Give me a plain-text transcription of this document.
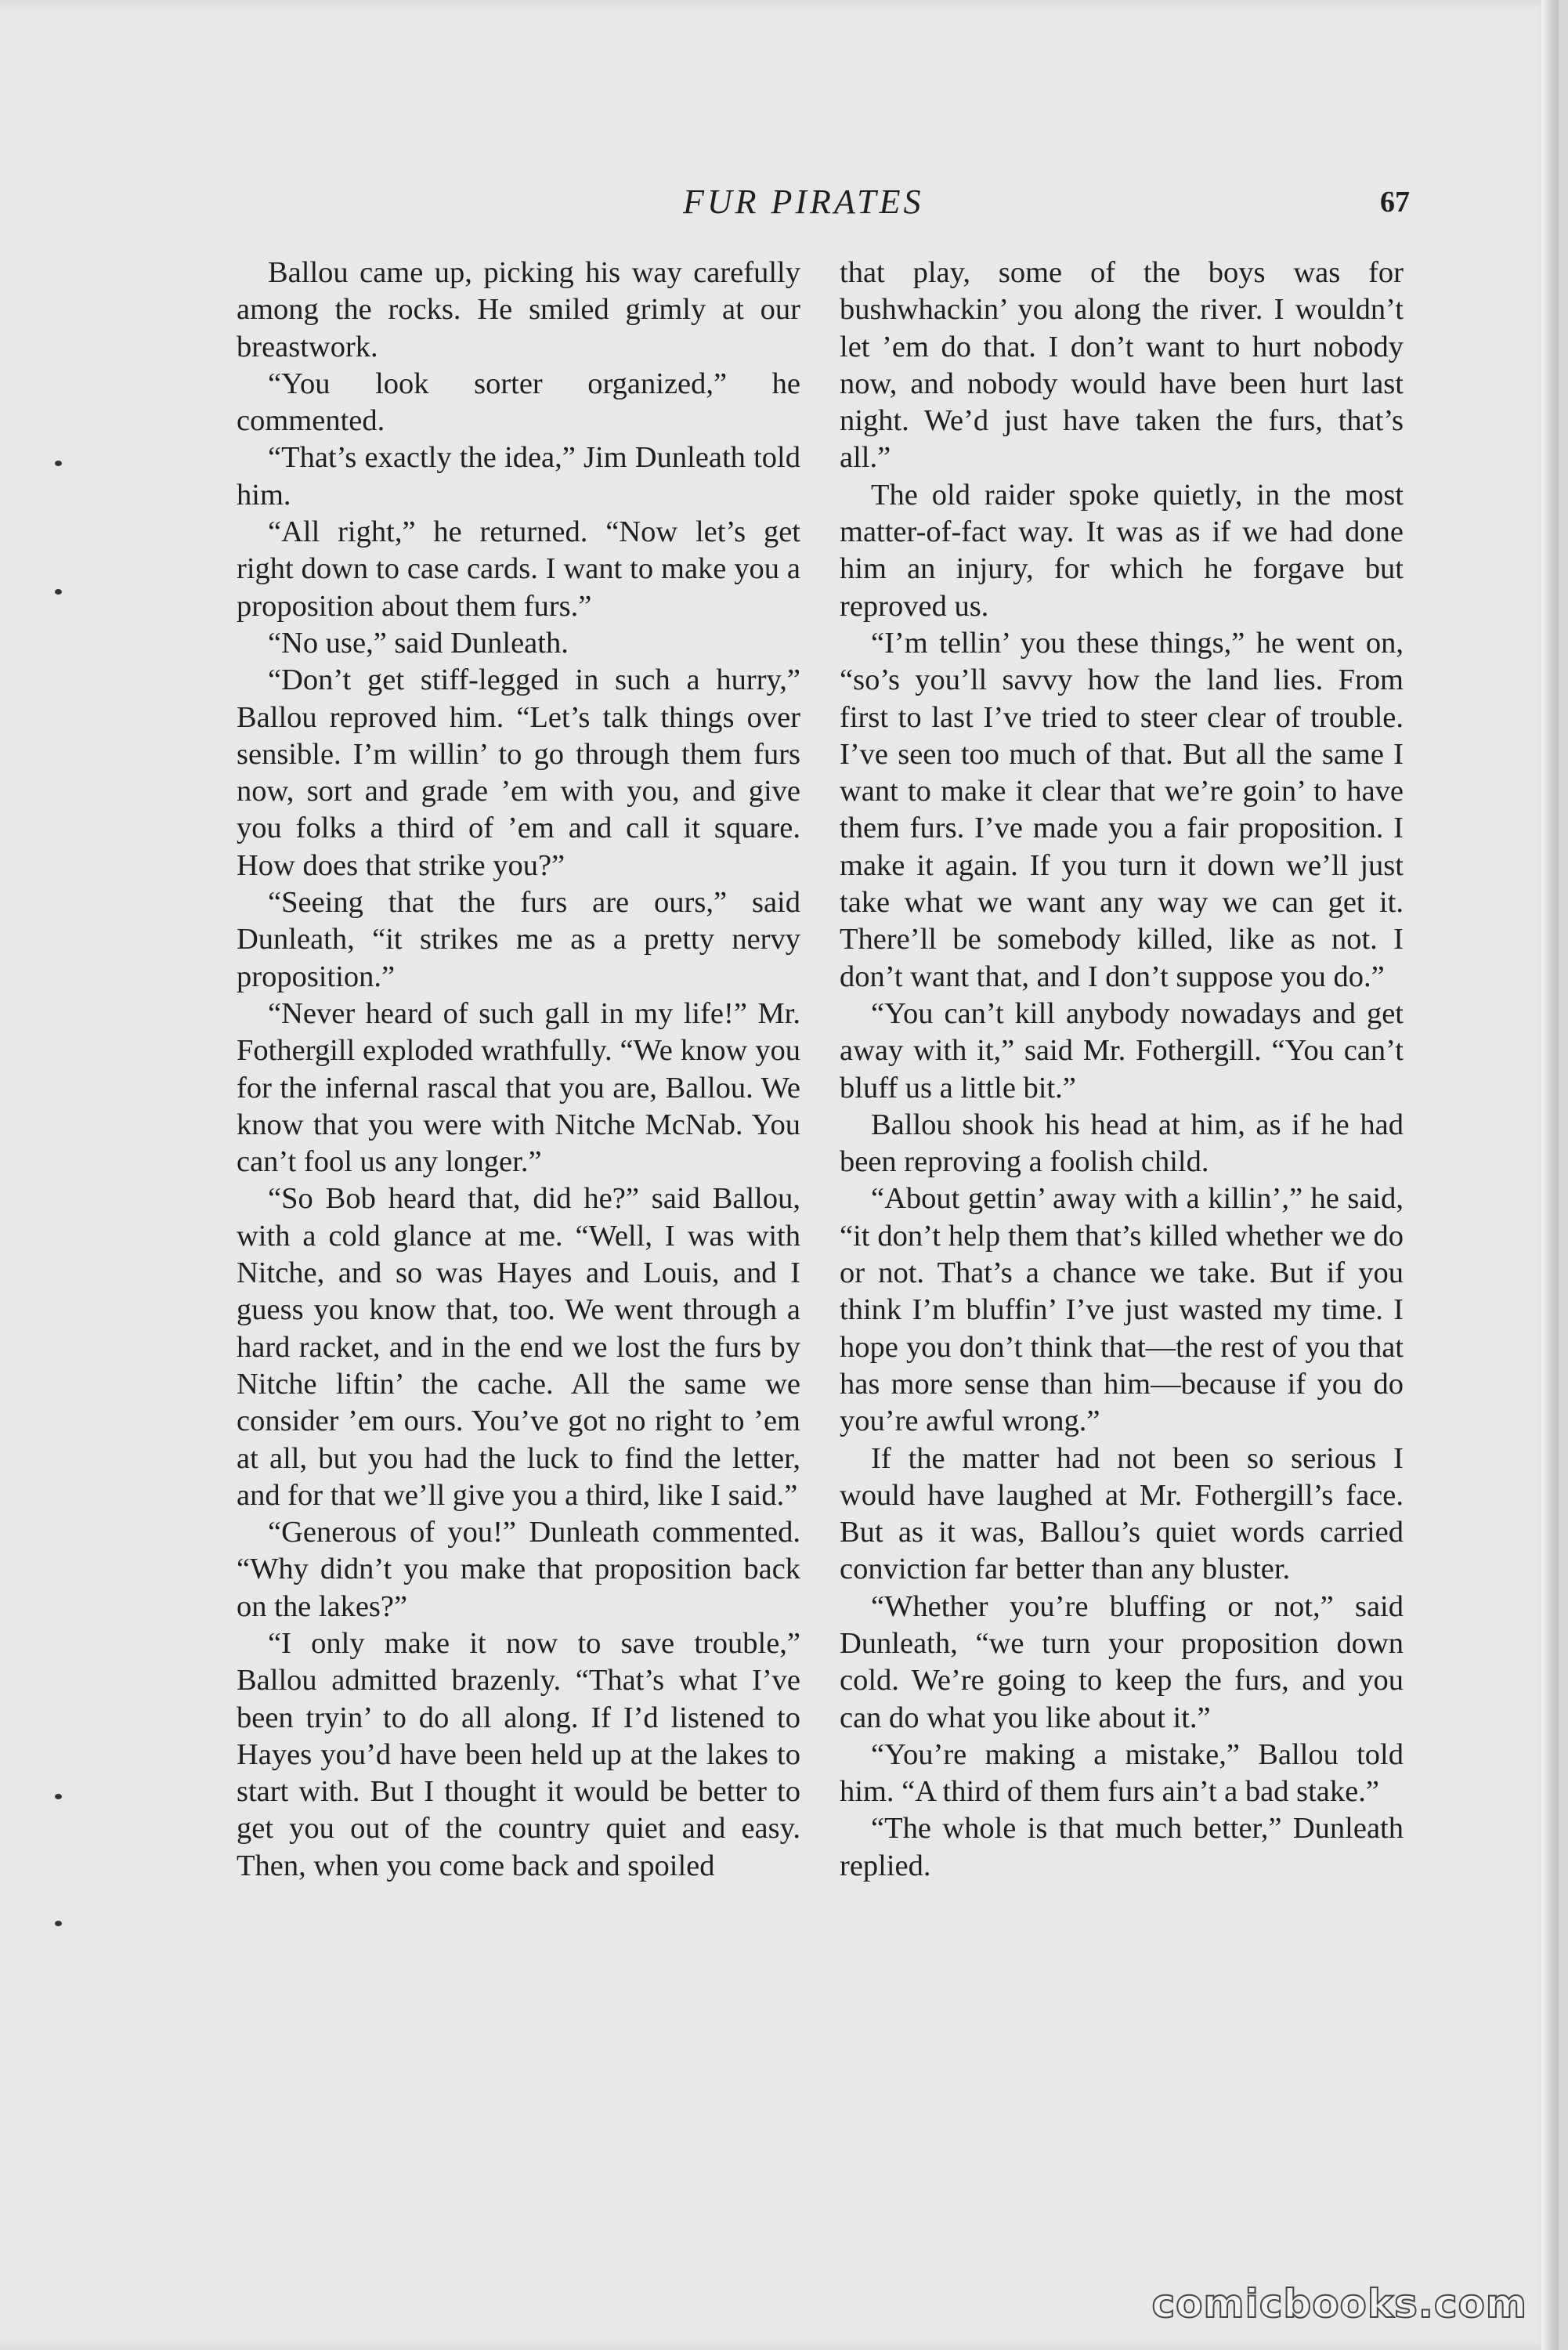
FUR PIRATES	67

Ballou came up, picking his way carefully among the rocks. He smiled grimly at our breastwork.

“You look sorter organized,” he commented.

“That’s exactly the idea,” Jim Dunleath told him.

“All right,” he returned. “Now let’s get right down to case cards. I want to make you a proposition about them furs.”

“No use,” said Dunleath.

“Don’t get stiff-legged in such a hurry,” Ballou reproved him. “Let’s talk things over sensible. I’m willin’ to go through them furs now, sort and grade ’em with you, and give you folks a third of ’em and call it square. How does that strike you?”

“Seeing that the furs are ours,” said Dunleath, “it strikes me as a pretty nervy proposition.”

“Never heard of such gall in my life!” Mr. Fothergill exploded wrathfully. “We know you for the infernal rascal that you are, Ballou. We know that you were with Nitche McNab. You can’t fool us any longer.”

“So Bob heard that, did he?” said Ballou, with a cold glance at me. “Well, I was with Nitche, and so was Hayes and Louis, and I guess you know that, too. We went through a hard racket, and in the end we lost the furs by Nitche liftin’ the cache. All the same we consider ’em ours. You’ve got no right to ’em at all, but you had the luck to find the letter, and for that we’ll give you a third, like I said.”

“Generous of you!” Dunleath commented. “Why didn’t you make that proposition back on the lakes?”

“I only make it now to save trouble,” Ballou admitted brazenly. “That’s what I’ve been tryin’ to do all along. If I’d listened to Hayes you’d have been held up at the lakes to start with. But I thought it would be better to get you out of the country quiet and easy. Then, when you come back and spoiled

that play, some of the boys was for bushwhackin’ you along the river. I wouldn’t let ’em do that. I don’t want to hurt nobody now, and nobody would have been hurt last night. We’d just have taken the furs, that’s all.”

The old raider spoke quietly, in the most matter-of-fact way. It was as if we had done him an injury, for which he forgave but reproved us.

“I’m tellin’ you these things,” he went on, “so’s you’ll savvy how the land lies. From first to last I’ve tried to steer clear of trouble. I’ve seen too much of that. But all the same I want to make it clear that we’re goin’ to have them furs. I’ve made you a fair proposition. I make it again. If you turn it down we’ll just take what we want any way we can get it. There’ll be somebody killed, like as not. I don’t want that, and I don’t suppose you do.”

“You can’t kill anybody nowadays and get away with it,” said Mr. Fothergill. “You can’t bluff us a little bit.”

Ballou shook his head at him, as if he had been reproving a foolish child.

“About gettin’ away with a killin’,” he said, “it don’t help them that’s killed whether we do or not. That’s a chance we take. But if you think I’m bluffin’ I’ve just wasted my time. I hope you don’t think that—the rest of you that has more sense than him—because if you do you’re awful wrong.”

If the matter had not been so serious I would have laughed at Mr. Fothergill’s face. But as it was, Ballou’s quiet words carried conviction far better than any bluster.

“Whether you’re bluffing or not,” said Dunleath, “we turn your proposition down cold. We’re going to keep the furs, and you can do what you like about it.”

“You’re making a mistake,” Ballou told him. “A third of them furs ain’t a bad stake.”

“The whole is that much better,” Dunleath replied.

comicbooks.com
